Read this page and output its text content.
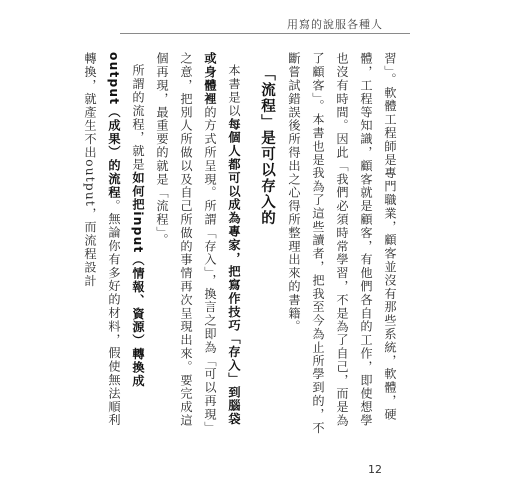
用寫的說服各種人

習」。軟體工程師是專門職業，顧客並沒有那些系統，軟體，硬體，工程等知識，顧客就是顧客，有他們各自的工作，即使想學也沒有時間。因此「我們必須時常學習，不是為了自己，而是為了顧客」。本書也是我為了這些讀者，把我至今為止所學到的，不斷嘗試錯誤後所得出之心得所整理出來的書籍。

「流程」是可以存入的

本書是以每個人都可以成為專家，把寫作技巧「存入」到腦袋或身體裡的方式所呈現。所謂「存入」，換言之即為「可以再現」之意，把別人所做以及自己所做的事情再次呈現出來。要完成這個再現，最重要的就是「流程」。

所謂的流程，就是如何把input（情報、資源）轉換成output（成果）的流程。無論你有多好的材料，假使無法順利轉換，就產生不出output，而流程設計

12
